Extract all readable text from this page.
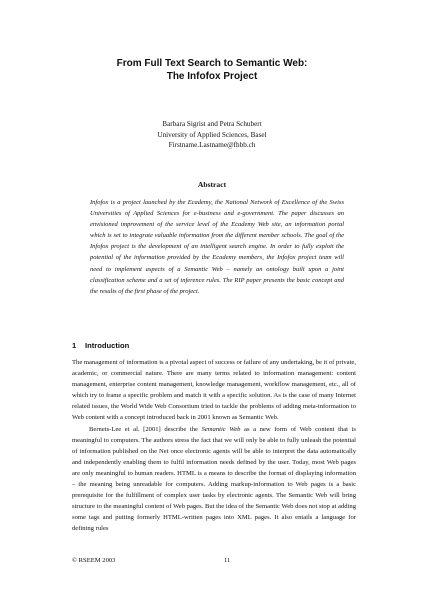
From Full Text Search to Semantic Web:
The Infofox Project
Barbara Sigrist and Petra Schubert
University of Applied Sciences, Basel
Firstname.Lastname@fhbb.ch
Abstract
Infofox is a project launched by the Ecademy, the National Network of Excellence of the Swiss Universities of Applied Sciences for e-business and e-government. The paper discusses an envisioned improvement of the service level of the Ecademy Web site, an information portal which is set to integrate valuable information from the different member schools. The goal of the Infofox project is the development of an intelligent search engine. In order to fully exploit the potential of the information provided by the Ecademy members, the Infofox project team will need to implement aspects of a Semantic Web – namely an ontology built upon a joint classification scheme and a set of inference rules. The RIP paper presents the basic concept and the results of the first phase of the project.
1 Introduction

The management of information is a pivotal aspect of success or failure of any undertaking, be it of private, academic, or commercial nature. There are many terms related to information management: content management, enterprise content management, knowledge management, workflow management, etc., all of which try to frame a specific problem and match it with a specific solution. As is the case of many Internet related issues, the World Wide Web Consortium tried to tackle the problems of adding meta-information to Web content with a concept introduced back in 2001 known as Semantic Web.

Bernets-Lee et al. [2001] describe the Semantic Web as a new form of Web content that is meaningful to computers. The authors stress the fact that we will only be able to fully unleash the potential of information published on the Net once electronic agents will be able to interpret the data automatically and independently enabling them to fulfil information needs defined by the user. Today, most Web pages are only meaningful to human readers. HTML is a means to describe the format of displaying information – the meaning being unreadable for computers. Adding markup-information to Web pages is a basic prerequisite for the fulfillment of complex user tasks by electronic agents. The Semantic Web will bring structure to the meaningful content of Web pages. But the idea of the Semantic Web does not stop at adding some tags and putting formerly HTML-written pages into XML pages. It also entails a language for defining rules

© RSEEM 2003	11
